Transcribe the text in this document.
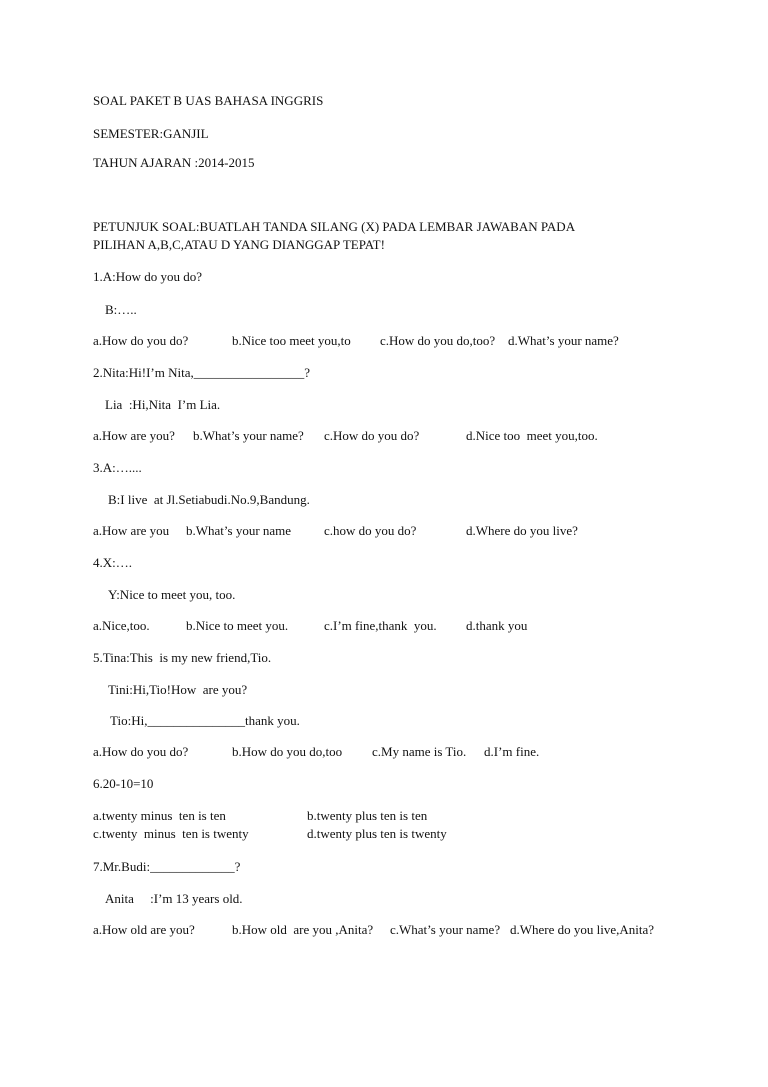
SOAL PAKET B UAS BAHASA INGGRIS
SEMESTER:GANJIL
TAHUN AJARAN :2014-2015
PETUNJUK SOAL:BUATLAH TANDA SILANG (X) PADA LEMBAR JAWABAN PADA
PILIHAN A,B,C,ATAU D YANG DIANGGAP TEPAT!
1.A:How do you do?
B:…..
a.How do you do?	b.Nice too meet you,to c.How do you do,too? d.What’s your name?
2.Nita:Hi!I’m Nita,_________________?
Lia  :Hi,Nita  I’m Lia.
a.How are you? b.What’s your name? c.How do you do?	d.Nice too  meet you,too.
3.A:…....
B:I live  at Jl.Setiabudi.No.9,Bandung.
a.How are you b.What’s your name	c.how do you do?	d.Where do you live?
4.X:….
Y:Nice to meet you, too.
a.Nice,too.	b.Nice to meet you.	c.I’m fine,thank  you. d.thank you
5.Tina:This  is my new friend,Tio.
Tini:Hi,Tio!How  are you?
Tio:Hi,_______________thank you.
a.How do you do?	b.How do you do,too c.My name is Tio. d.I’m fine.
6.20-10=10
a.twenty minus  ten is ten	b.twenty plus ten is ten
c.twenty  minus  ten is twenty	d.twenty plus ten is twenty
7.Mr.Budi:_____________?
Anita     :I’m 13 years old.
a.How old are you?	b.How old  are you ,Anita? c.What’s your name? d.Where do you live,Anita?
